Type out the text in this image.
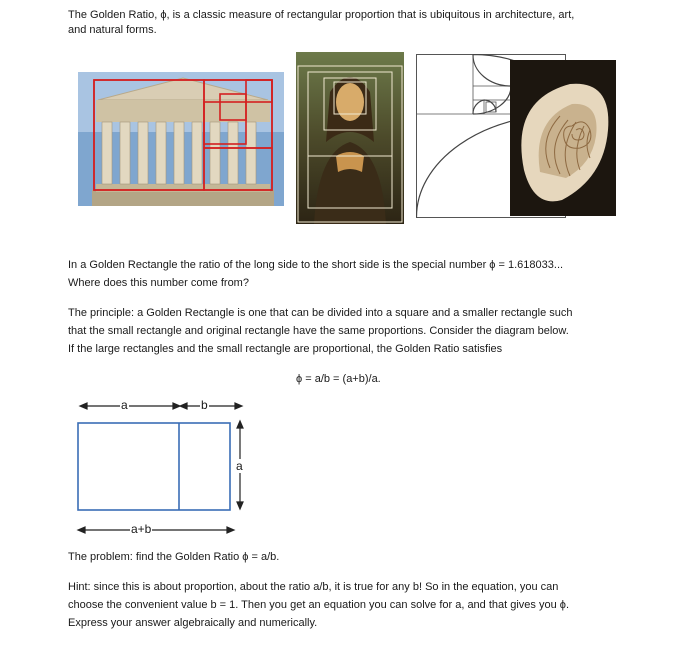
The Golden Ratio, ϕ, is a classic measure of rectangular proportion that is ubiquitous in architecture, art,

and natural forms.

In a Golden Rectangle the ratio of the long side to the short side is the special number ϕ = 1.618033...

Where does this number come from?

The principle: a Golden Rectangle is one that can be divided into a square and a smaller rectangle such

that the small rectangle and original rectangle have the same proportions. Consider the diagram below.

If the large rectangles and the small rectangle are proportional, the Golden Ratio satisfies

ϕ = a/b = (a+b)/a.

a	b
a
a+b

The problem: find the Golden Ratio ϕ = a/b.

Hint: since this is about proportion, about the ratio a/b, it is true for any b! So in the equation, you can

choose the convenient value b = 1. Then you get an equation you can solve for a, and that gives you ϕ.

Express your answer algebraically and numerically.
